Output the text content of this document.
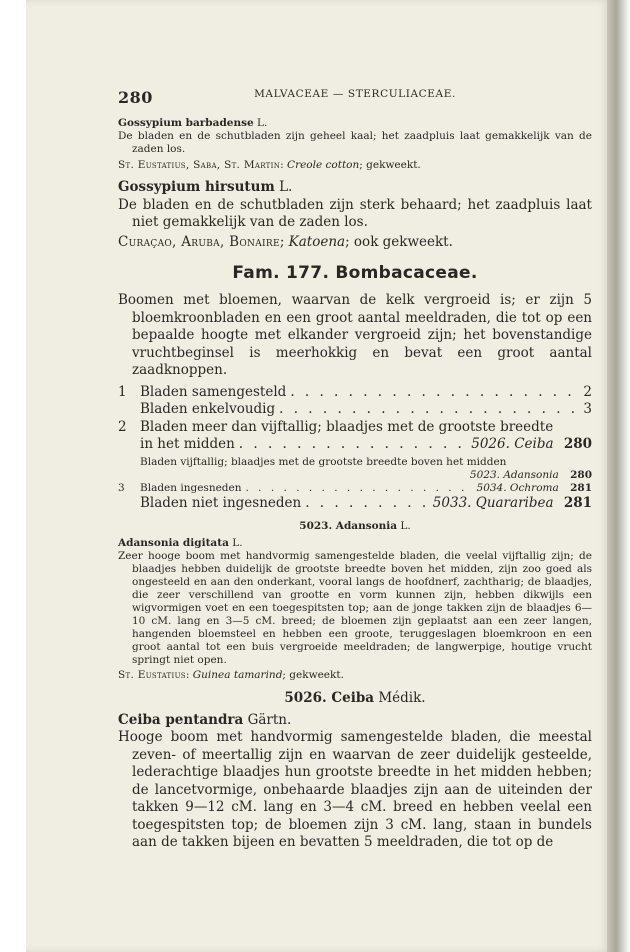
280	MALVACEAE — STERCULIACEAE.
Gossypium barbadense L.
De bladen en de schutbladen zijn geheel kaal; het zaadpluis laat gemakkelijk van de zaden los.
St. Eustatius, Saba, St. Martin: Creole cotton; gekweekt.
Gossypium hirsutum L.
De bladen en de schutbladen zijn sterk behaard; het zaadpluis laat niet gemakkelijk van de zaden los.
Curaçao, Aruba, Bonaire; Katoena; ook gekweekt.
Fam. 177. Bombacaceae.
Boomen met bloemen, waarvan de kelk vergroeid is; er zijn 5 bloemkroonbladen en een groot aantal meeldraden, die tot op een bepaalde hoogte met elkander vergroeid zijn; het bovenstandige vruchtbeginsel is meerhokkig en bevat een groot aantal zaadknoppen.
1 Bladen samengesteld . . .	2
Bladen enkelvoudig . . .	3
2 Bladen meer dan vijftallig; blaadjes met de grootste breedte
in het midden . . .	5026. Ceiba 280
Bladen vijftallig; blaadjes met de grootste breedte boven het midden
5023. Adansonia 280
3	Bladen ingesneden . . .	5034. Ochroma 281
Bladen niet ingesneden . . .	5033. Quararibea 281
5023. Adansonia L.
Adansonia digitata L.
Zeer hooge boom met handvormig samengestelde bladen, die veelal vijftallig zijn; de blaadjes hebben duidelijk de grootste breedte boven het midden, zijn zoo goed als ongesteeld en aan den onderkant, vooral langs de hoofdnerf, zachtharig; de blaadjes, die zeer verschillend van grootte en vorm kunnen zijn, hebben dikwijls een wigvormigen voet en een toegespitsten top; aan de jonge takken zijn de blaadjes 6—10 cM. lang en 3—5 cM. breed; de bloemen zijn geplaatst aan een zeer langen, hangenden bloemsteel en hebben een groote, teruggeslagen bloemkroon en een groot aantal tot een buis vergroeide meeldraden; de langwerpige, houtige vrucht springt niet open.
St. Eustatius: Guinea tamarind; gekweekt.
5026. Ceiba Médik.
Ceiba pentandra Gärtn.
Hooge boom met handvormig samengestelde bladen, die meestal zeven- of meertallig zijn en waarvan de zeer duidelijk gesteelde, lederachtige blaadjes hun grootste breedte in het midden hebben; de lancetvormige, onbehaarde blaadjes zijn aan de uiteinden der takken 9—12 cM. lang en 3—4 cM. breed en hebben veelal een toegespitsten top; de bloemen zijn 3 cM. lang, staan in bundels aan de takken bijeen en bevatten 5 meeldraden, die tot op de
